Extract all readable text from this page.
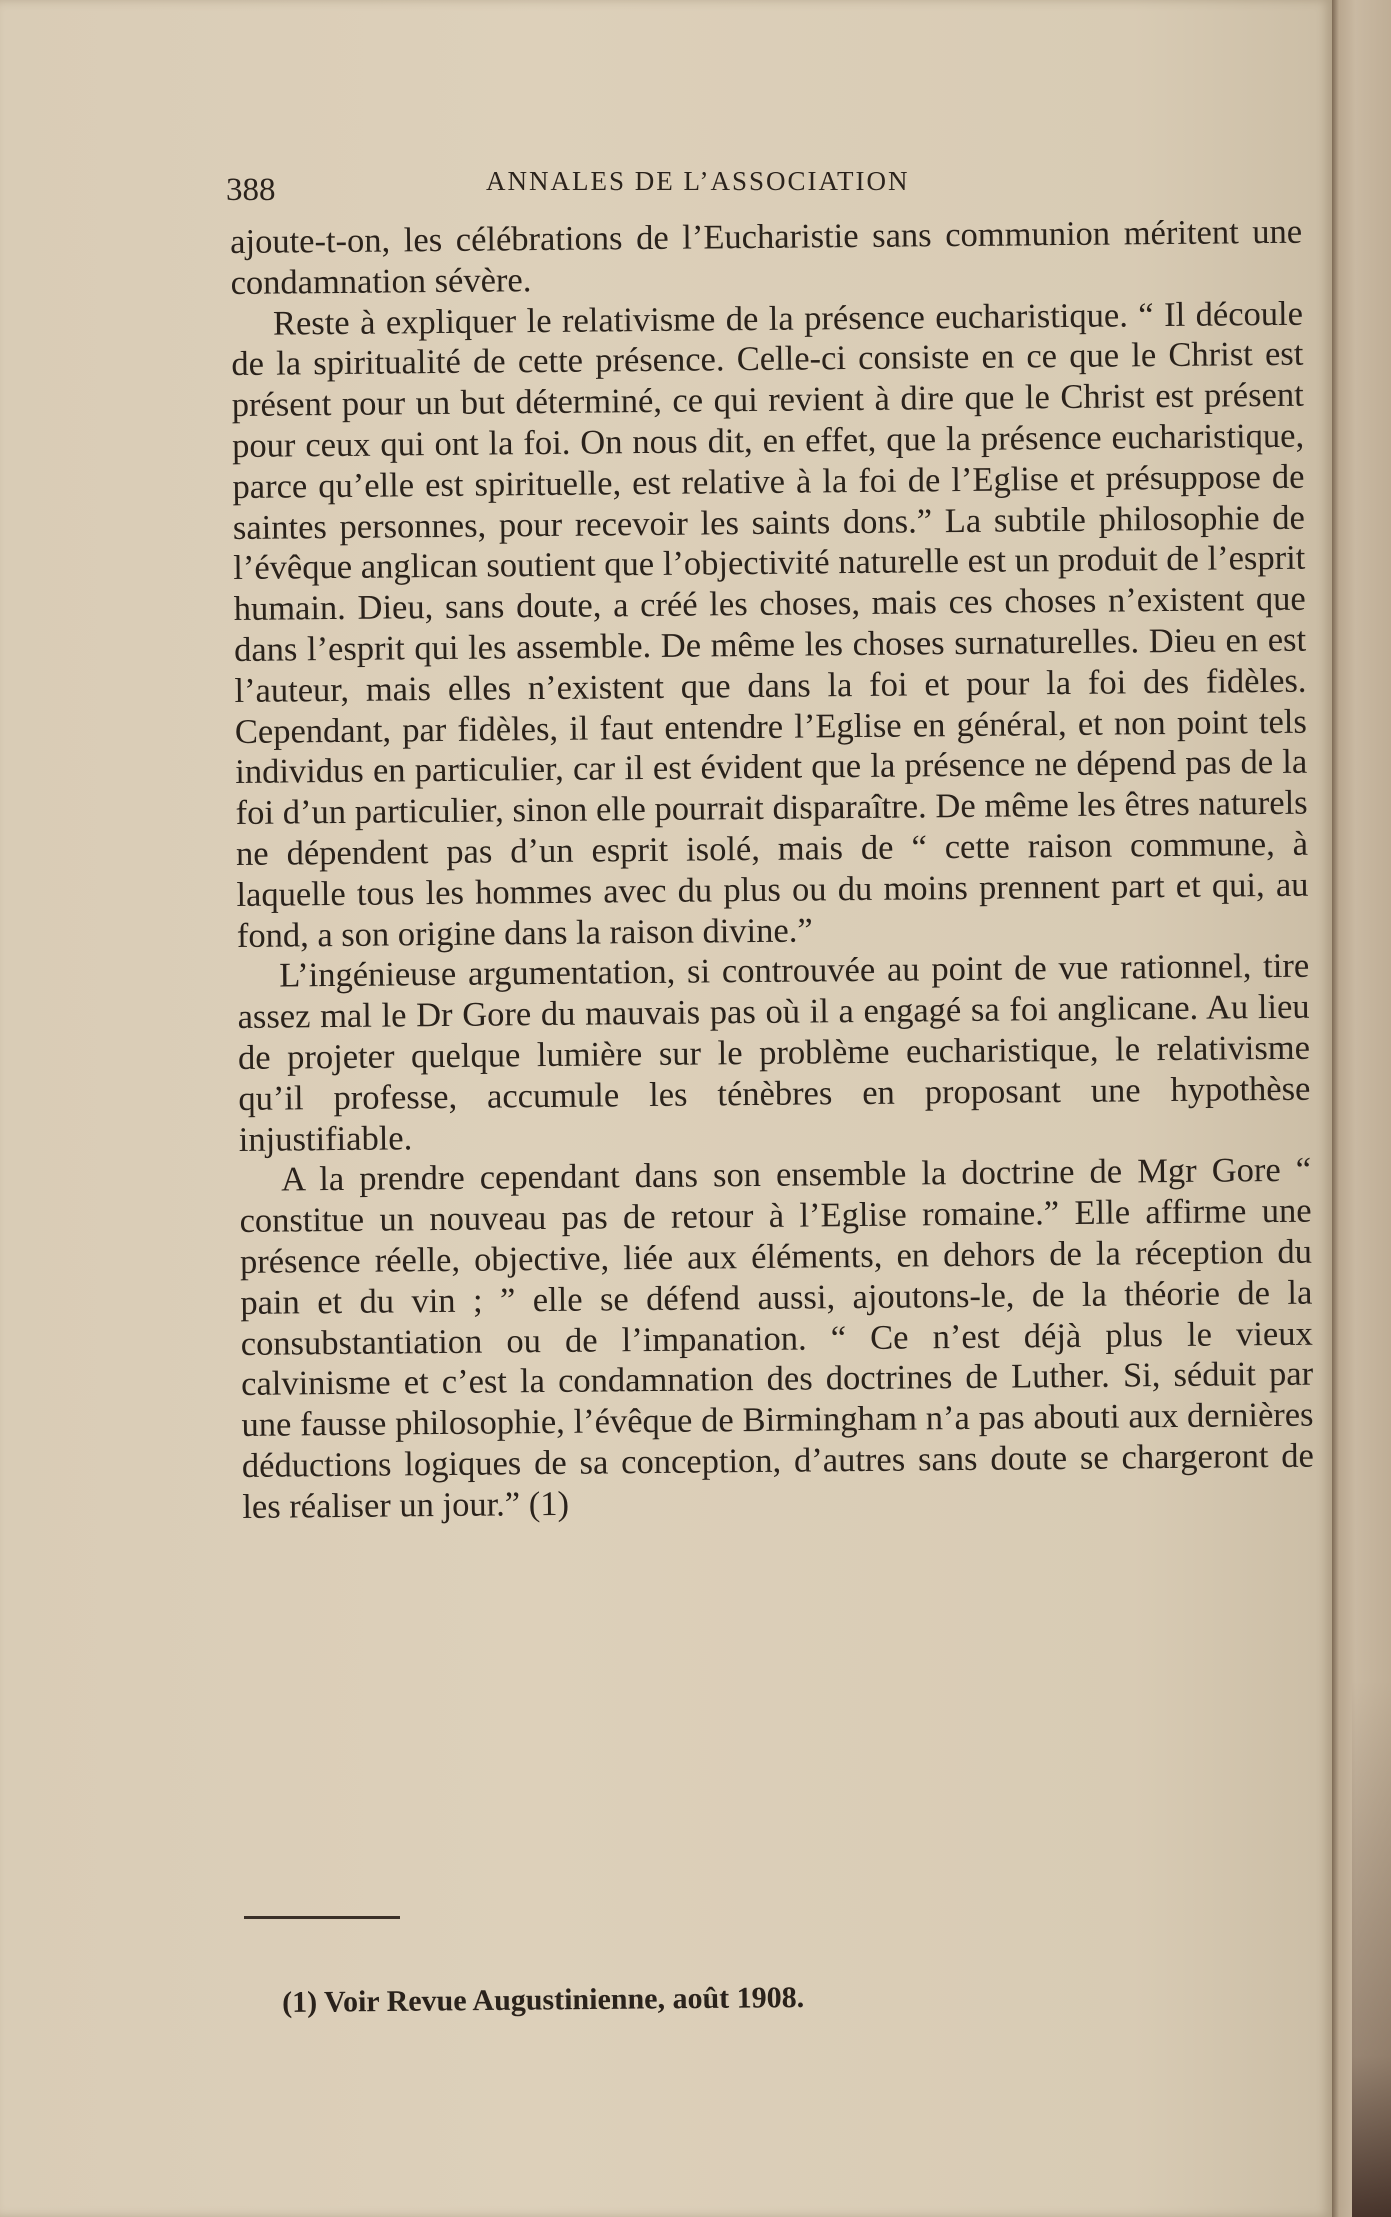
388	ANNALES DE L’ASSOCIATION

ajoute-t-on, les célébrations de l’Eucharistie sans communion méritent une condamnation sévère.

Reste à expliquer le relativisme de la présence eucharistique. “ Il découle de la spiritualité de cette présence. Celle-ci consiste en ce que le Christ est présent pour un but déterminé, ce qui revient à dire que le Christ est présent pour ceux qui ont la foi. On nous dit, en effet, que la présence eucharistique, parce qu’elle est spirituelle, est relative à la foi de l’Eglise et présuppose de saintes personnes, pour recevoir les saints dons.” La subtile philosophie de l’évêque anglican soutient que l’objectivité naturelle est un produit de l’esprit humain. Dieu, sans doute, a créé les choses, mais ces choses n’existent que dans l’esprit qui les assemble. De même les choses surnaturelles. Dieu en est l’auteur, mais elles n’existent que dans la foi et pour la foi des fidèles. Cependant, par fidèles, il faut entendre l’Eglise en général, et non point tels individus en particulier, car il est évident que la présence ne dépend pas de la foi d’un particulier, sinon elle pourrait disparaître. De même les êtres naturels ne dépendent pas d’un esprit isolé, mais de “ cette raison commune, à laquelle tous les hommes avec du plus ou du moins prennent part et qui, au fond, a son origine dans la raison divine.”

L’ingénieuse argumentation, si controuvée au point de vue rationnel, tire assez mal le Dr Gore du mauvais pas où il a engagé sa foi anglicane. Au lieu de projeter quelque lumière sur le problème eucharistique, le relativisme qu’il professe, accumule les ténèbres en proposant une hypothèse injustifiable.

A la prendre cependant dans son ensemble la doctrine de Mgr Gore “ constitue un nouveau pas de retour à l’Eglise romaine.” Elle affirme une présence réelle, objective, liée aux éléments, en dehors de la réception du pain et du vin ; ” elle se défend aussi, ajoutons-le, de la théorie de la consubstantiation ou de l’impanation. “ Ce n’est déjà plus le vieux calvinisme et c’est la condamnation des doctrines de Luther. Si, séduit par une fausse philosophie, l’évêque de Birmingham n’a pas abouti aux dernières déductions logiques de sa conception, d’autres sans doute se chargeront de les réaliser un jour.” (1)

(1) Voir Revue Augustinienne, août 1908.
